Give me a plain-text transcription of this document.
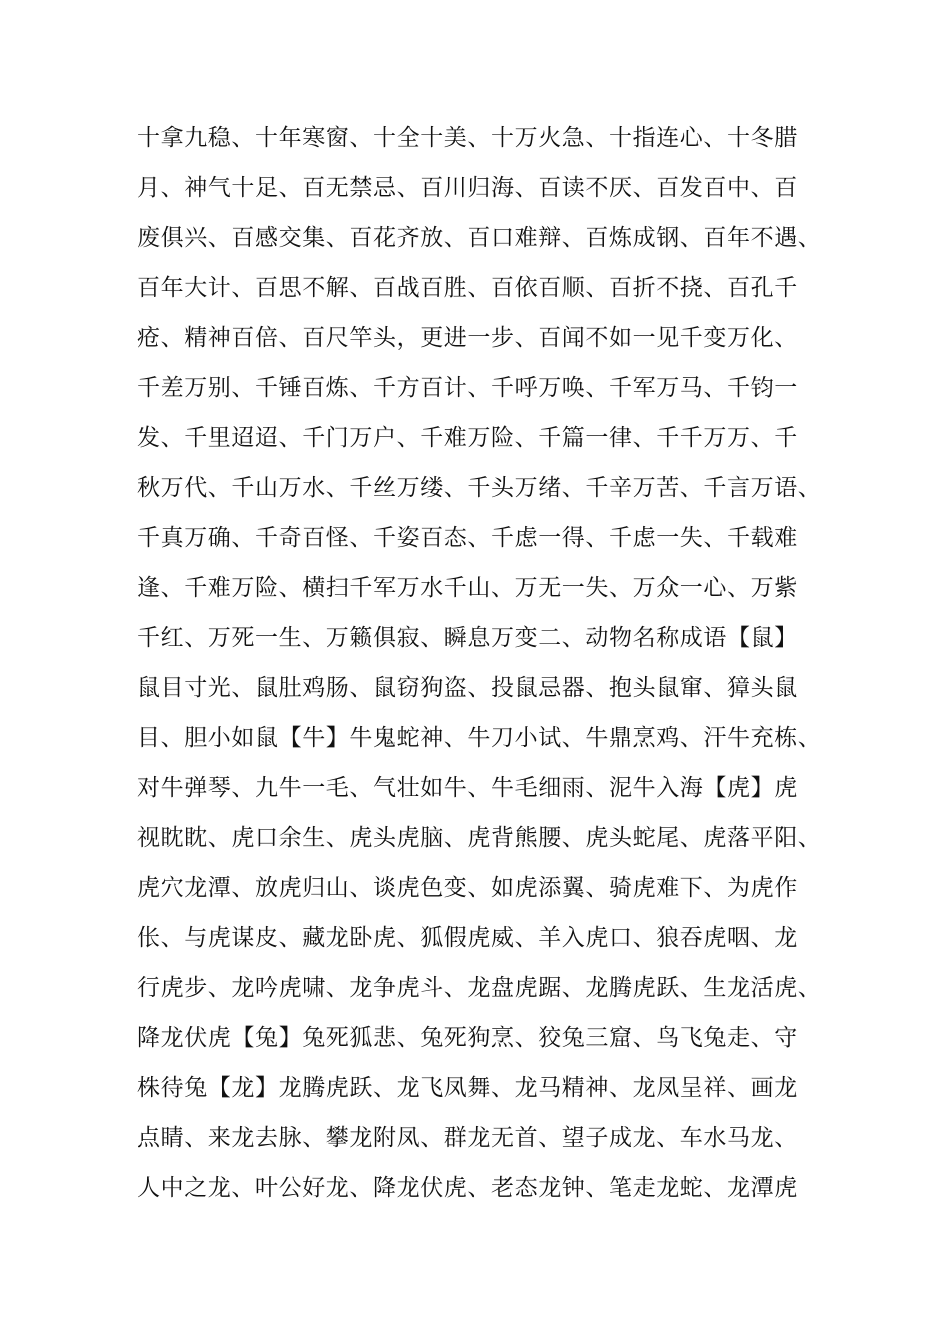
十拿九稳、十年寒窗、十全十美、十万火急、十指连心、十冬腊
月、神气十足、百无禁忌、百川归海、百读不厌、百发百中、百
废俱兴、百感交集、百花齐放、百口难辩、百炼成钢、百年不遇、
百年大计、百思不解、百战百胜、百依百顺、百折不挠、百孔千
疮、精神百倍、百尺竿头，更进一步、百闻不如一见千变万化、
千差万别、千锤百炼、千方百计、千呼万唤、千军万马、千钧一
发、千里迢迢、千门万户、千难万险、千篇一律、千千万万、千
秋万代、千山万水、千丝万缕、千头万绪、千辛万苦、千言万语、
千真万确、千奇百怪、千姿百态、千虑一得、千虑一失、千载难
逢、千难万险、横扫千军万水千山、万无一失、万众一心、万紫
千红、万死一生、万籁俱寂、瞬息万变二、动物名称成语【鼠】
鼠目寸光、鼠肚鸡肠、鼠窃狗盗、投鼠忌器、抱头鼠窜、獐头鼠
目、胆小如鼠【牛】牛鬼蛇神、牛刀小试、牛鼎烹鸡、汗牛充栋、
对牛弹琴、九牛一毛、气壮如牛、牛毛细雨、泥牛入海【虎】虎
视眈眈、虎口余生、虎头虎脑、虎背熊腰、虎头蛇尾、虎落平阳、
虎穴龙潭、放虎归山、谈虎色变、如虎添翼、骑虎难下、为虎作
伥、与虎谋皮、藏龙卧虎、狐假虎威、羊入虎口、狼吞虎咽、龙
行虎步、龙吟虎啸、龙争虎斗、龙盘虎踞、龙腾虎跃、生龙活虎、
降龙伏虎【兔】兔死狐悲、兔死狗烹、狡兔三窟、鸟飞兔走、守
株待兔【龙】龙腾虎跃、龙飞凤舞、龙马精神、龙凤呈祥、画龙
点睛、来龙去脉、攀龙附凤、群龙无首、望子成龙、车水马龙、
人中之龙、叶公好龙、降龙伏虎、老态龙钟、笔走龙蛇、龙潭虎
